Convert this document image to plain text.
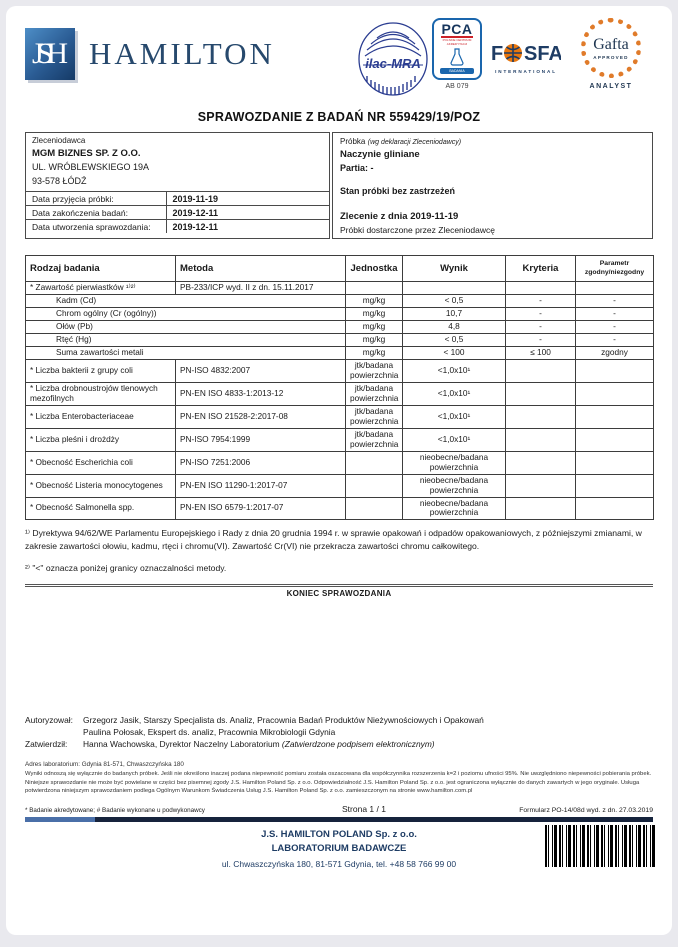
JSH HAMILTON	ilac-MRA
PCA
POLSKIE CENTRUM AKREDYTACJI
BADANIA
AB 079
F SFA
INTERNATIONAL
Gafta
APPROVED
ANALYST
SPRAWOZDANIE Z BADAŃ NR 559429/19/POZ
Zleceniodawca
MGM BIZNES SP. Z O.O.
UL. WRÓBLEWSKIEGO 19A
93-578 ŁÓDŹ
Data przyjęcia próbki:	2019-11-19
Data zakończenia badań:	2019-12-11
Data utworzenia sprawozdania:	2019-12-11
Próbka (wg deklaracji Zleceniodawcy)
Naczynie gliniane
Partia: -
Stan próbki bez zastrzeżeń
Zlecenie z dnia 2019-11-19
Próbki dostarczone przez Zleceniodawcę
Rodzaj badania	Metoda	Jednostka	Wynik	Kryteria	Parametr zgodny/niezgodny
* Zawartość pierwiastków ¹⁾²⁾	PB-233/ICP wyd. II z dn. 15.11.2017				
Kadm (Cd)		mg/kg	< 0,5	-	-
Chrom ogólny (Cr (ogólny))		mg/kg	10,7	-	-
Ołów (Pb)		mg/kg	4,8	-	-
Rtęć (Hg)		mg/kg	< 0,5	-	-
Suma zawartości metali		mg/kg	< 100	≤ 100	zgodny
* Liczba bakterii z grupy coli	PN-ISO 4832:2007	jtk/badana powierzchnia	<1,0x10¹		
* Liczba drobnoustrojów tlenowych mezofilnych	PN-EN ISO 4833-1:2013-12	jtk/badana powierzchnia	<1,0x10¹		
* Liczba Enterobacteriaceae	PN-EN ISO 21528-2:2017-08	jtk/badana powierzchnia	<1,0x10¹		
* Liczba pleśni i drożdży	PN-ISO 7954:1999	jtk/badana powierzchnia	<1,0x10¹		
* Obecność Escherichia coli	PN-ISO 7251:2006		nieobecne/badana powierzchnia		
* Obecność Listeria monocytogenes	PN-EN ISO 11290-1:2017-07		nieobecne/badana powierzchnia		
* Obecność Salmonella spp.	PN-EN ISO 6579-1:2017-07		nieobecne/badana powierzchnia		

¹⁾ Dyrektywa 94/62/WE Parlamentu Europejskiego i Rady z dnia 20 grudnia 1994 r. w sprawie opakowań i odpadów opakowaniowych, z późniejszymi zmianami, w zakresie zawartości ołowiu, kadmu, rtęci i chromu(VI). Zawartość Cr(VI) nie przekracza zawartości chromu całkowitego.

²⁾ "<" oznacza poniżej granicy oznaczalności metody.

KONIEC SPRAWOZDANIA
Autoryzował:	Grzegorz Jasik, Starszy Specjalista ds. Analiz, Pracownia Badań Produktów Nieżywnościowych i Opakowań
Paulina Połosak, Ekspert ds. analiz, Pracownia Mikrobiologii Gdynia
Zatwierdził:	Hanna Wachowska, Dyrektor Naczelny Laboratorium (Zatwierdzone podpisem elektronicznym)
Adres laboratorium: Gdynia 81-571, Chwaszczyńska 180
Wyniki odnoszą się wyłącznie do badanych próbek. Jeśli nie określono inaczej podana niepewność pomiaru została oszacowana dla współczynnika rozszerzenia k=2 i poziomu ufności 95%. Nie uwzględniono niepewności pobierania próbek. Niniejsze sprawozdanie nie może być powielane w części bez pisemnej zgody J.S. Hamilton Poland Sp. z o.o. Odpowiedzialność J.S. Hamilton Poland Sp. z o.o. jest ograniczona wyłącznie do danych zawartych w jego oryginale. Usługa potwierdzona niniejszym sprawozdaniem podlega Ogólnym Warunkom Świadczenia Usług J.S. Hamilton Poland Sp. z o.o. zamieszczonym na stronie www.hamilton.com.pl
* Badanie akredytowane; # Badanie wykonane u podwykonawcy	Strona 1 / 1	Formularz PO-14/08d wyd. z dn. 27.03.2019
J.S. HAMILTON POLAND Sp. z o.o.
LABORATORIUM BADAWCZE
ul. Chwaszczyńska 180, 81-571 Gdynia, tel. +48 58 766 99 00
